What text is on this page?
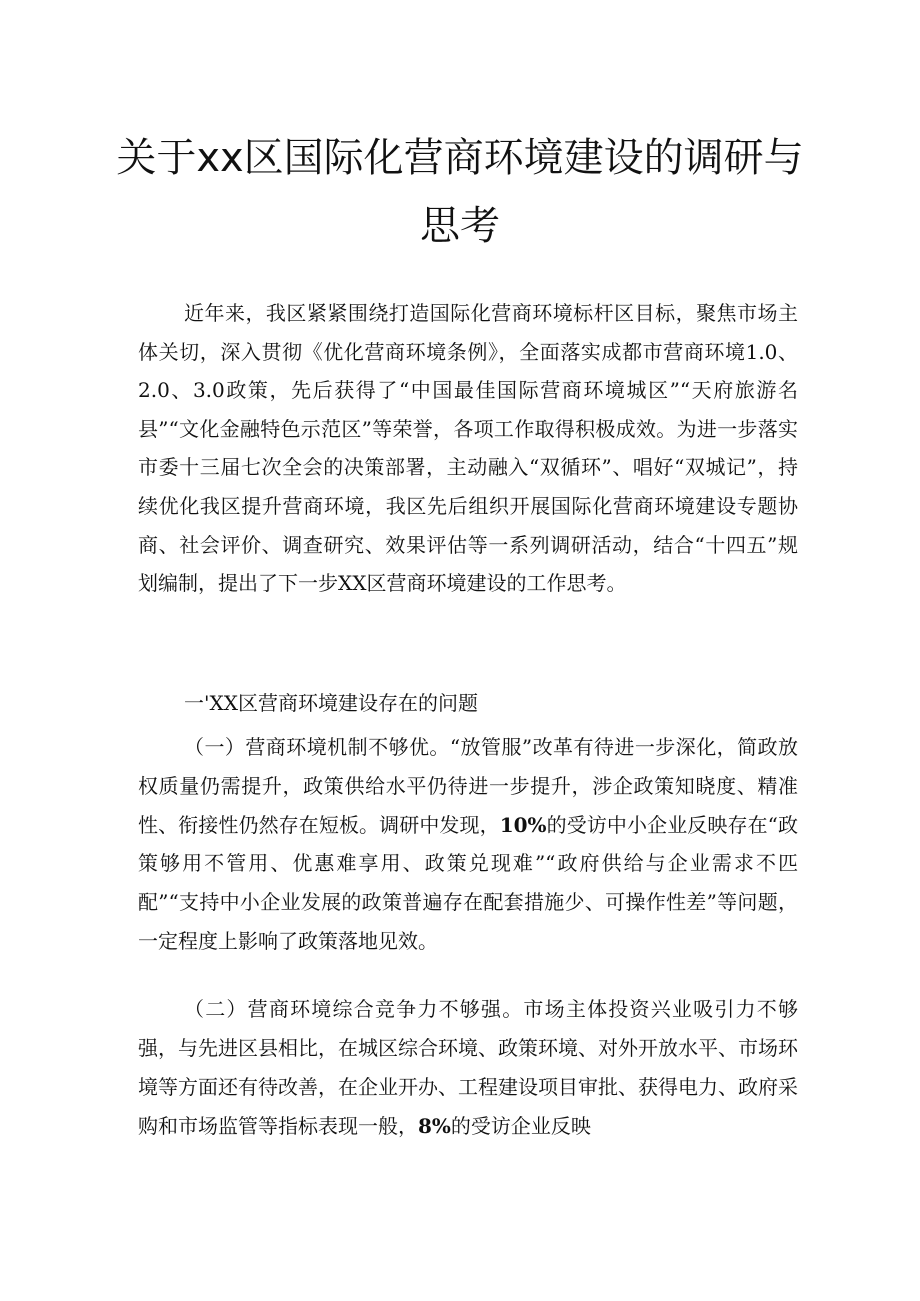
关于xx区国际化营商环境建设的调研与
思考

近年来，我区紧紧围绕打造国际化营商环境标杆区目标，聚焦市场主体关切，深入贯彻《优化营商环境条例》，全面落实成都市营商环境1.0、2.0、3.0政策，先后获得了“中国最佳国际营商环境城区”“天府旅游名县”“文化金融特色示范区”等荣誉，各项工作取得积极成效。为进一步落实市委十三届七次全会的决策部署，主动融入“双循环”、唱好“双城记”，持续优化我区提升营商环境，我区先后组织开展国际化营商环境建设专题协商、社会评价、调查研究、效果评估等一系列调研活动，结合“十四五”规划编制，提出了下一步XX区营商环境建设的工作思考。

一'XX区营商环境建设存在的问题

（一）营商环境机制不够优。“放管服”改革有待进一步深化，简政放权质量仍需提升，政策供给水平仍待进一步提升，涉企政策知晓度、精准性、衔接性仍然存在短板。调研中发现，10%的受访中小企业反映存在“政策够用不管用、优惠难享用、政策兑现难”“政府供给与企业需求不匹配”“支持中小企业发展的政策普遍存在配套措施少、可操作性差”等问题，一定程度上影响了政策落地见效。

（二）营商环境综合竞争力不够强。市场主体投资兴业吸引力不够强，与先进区县相比，在城区综合环境、政策环境、对外开放水平、市场环境等方面还有待改善，在企业开办、工程建设项目审批、获得电力、政府采购和市场监管等指标表现一般，8%的受访企业反映
